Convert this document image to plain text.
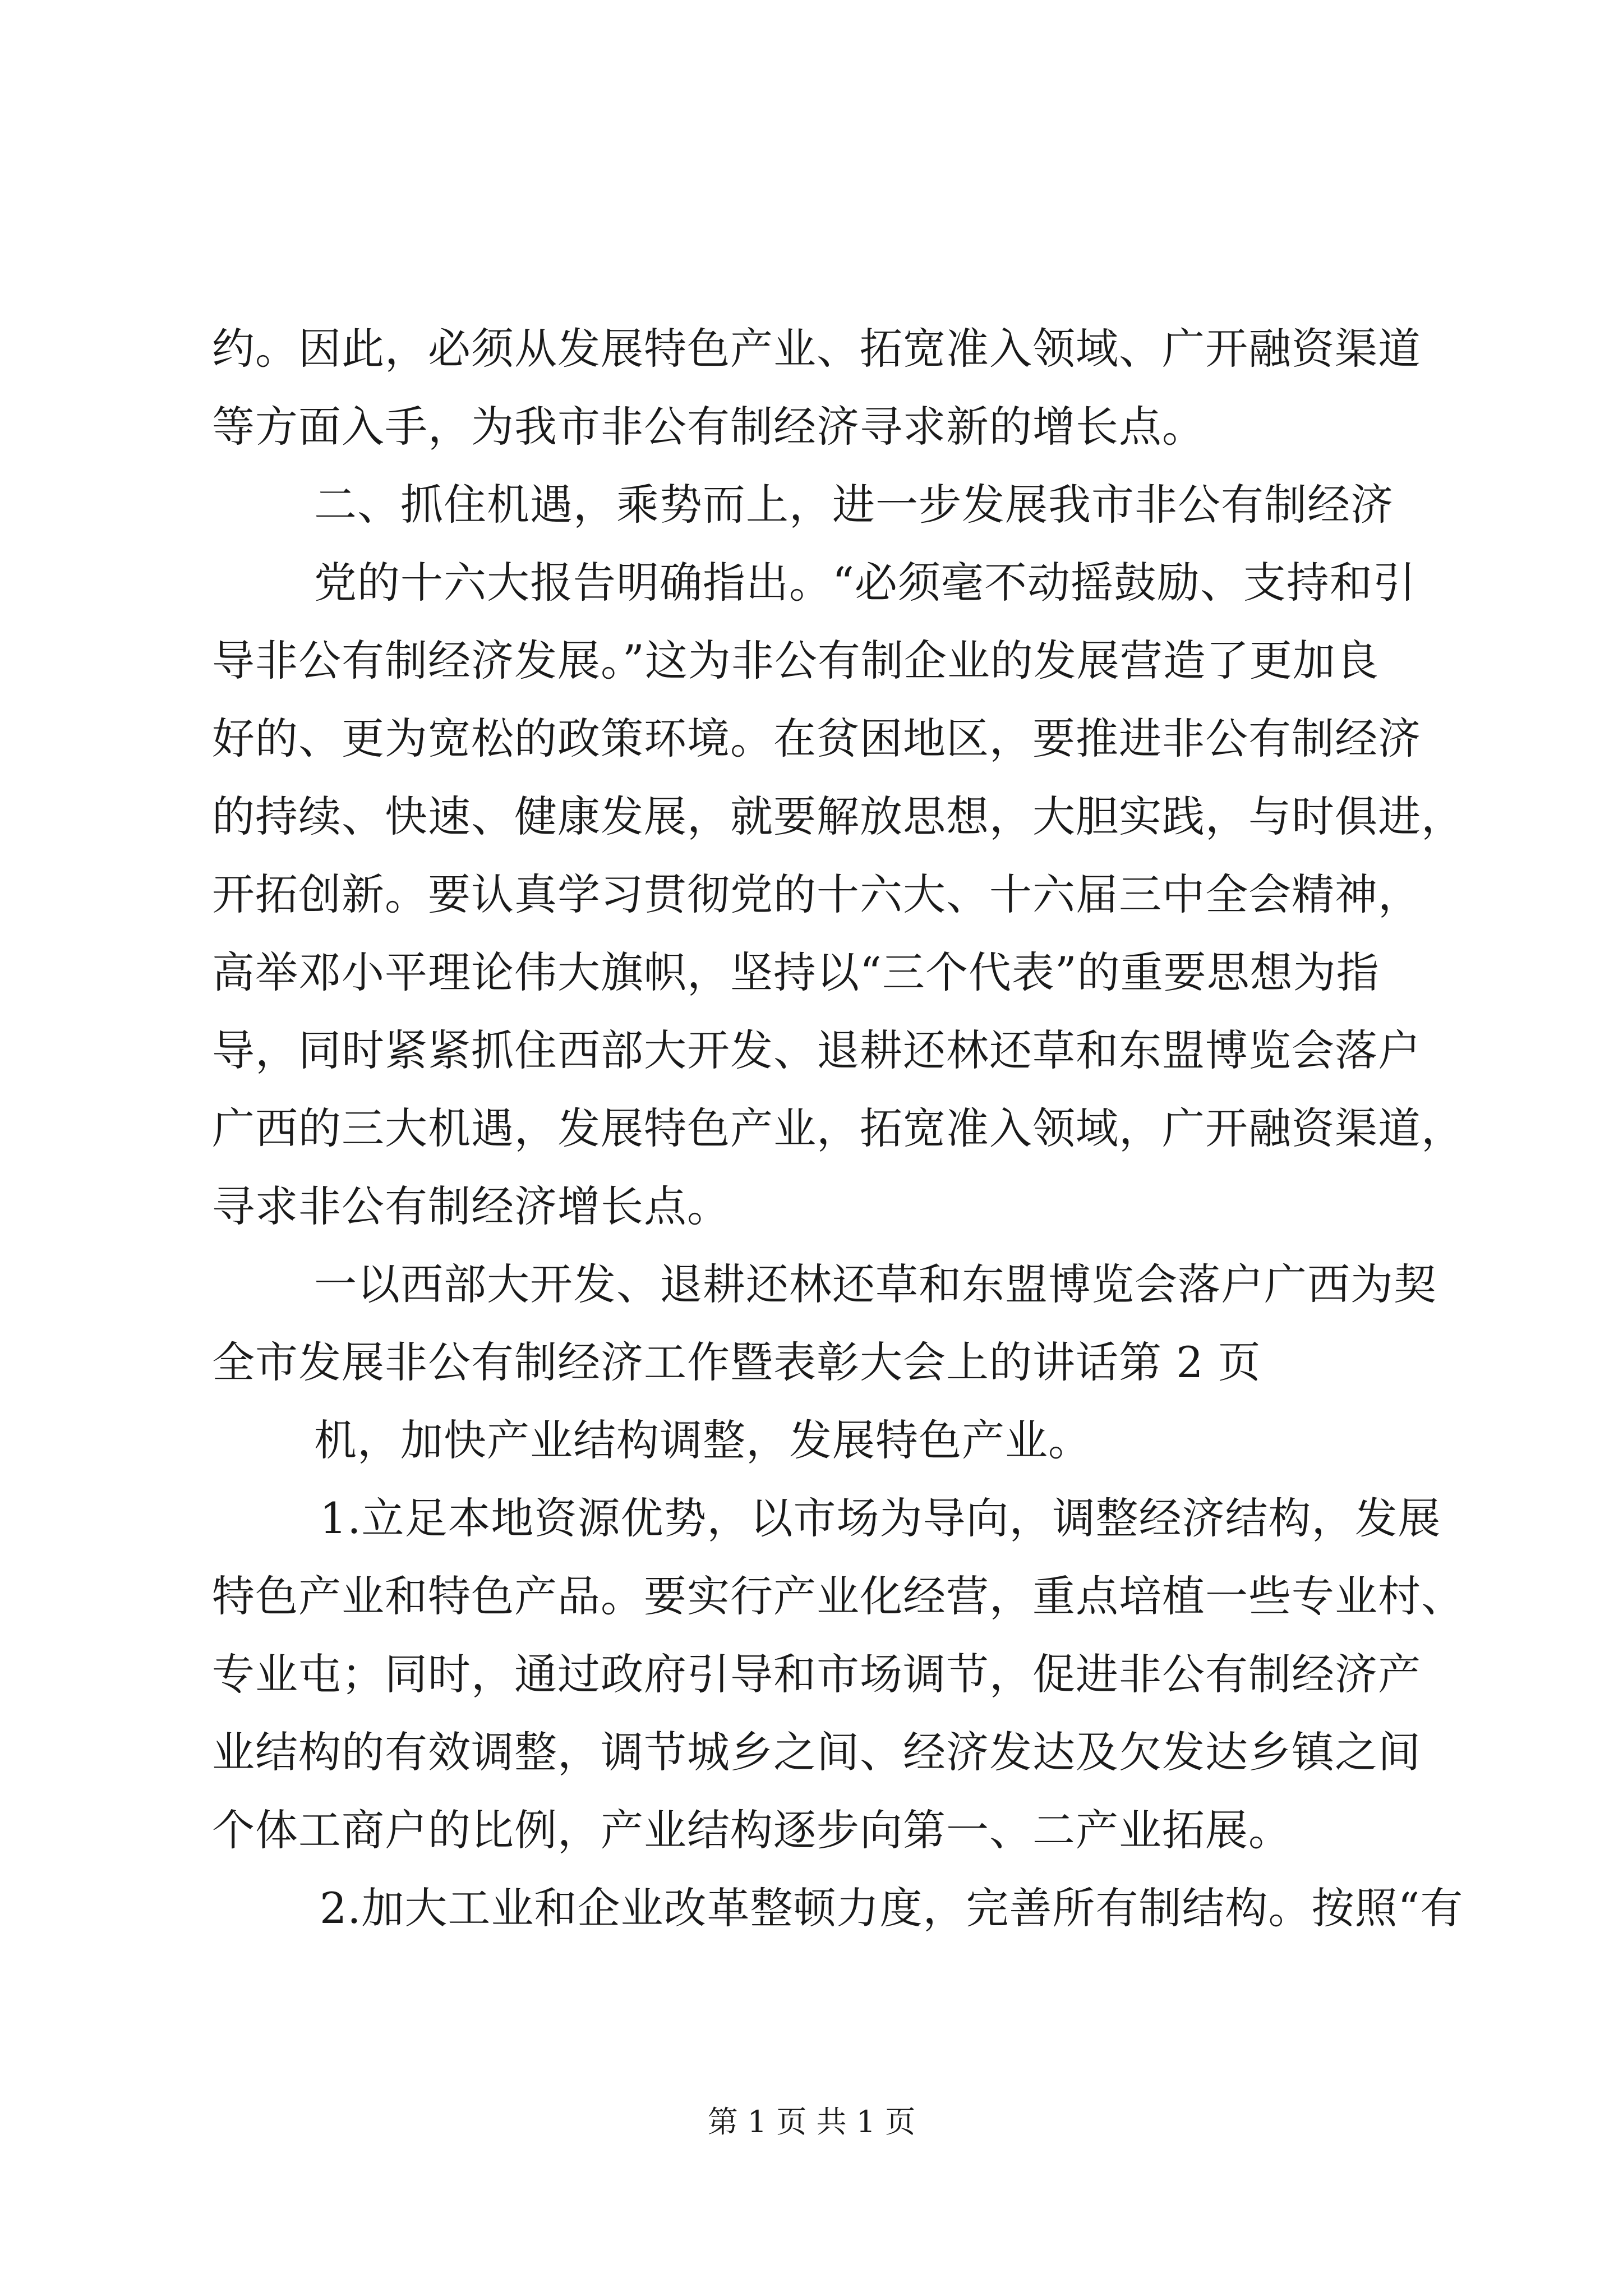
约。因此，必须从发展特色产业、拓宽准入领域、广开融资渠道
等方面入手，为我市非公有制经济寻求新的增长点。
二、抓住机遇，乘势而上，进一步发展我市非公有制经济
党的十六大报告明确指出。“必须毫不动摇鼓励、支持和引
导非公有制经济发展。”这为非公有制企业的发展营造了更加良
好的、更为宽松的政策环境。在贫困地区，要推进非公有制经济
的持续、快速、健康发展，就要解放思想，大胆实践，与时俱进，
开拓创新。要认真学习贯彻党的十六大、十六届三中全会精神，
高举邓小平理论伟大旗帜，坚持以“三个代表”的重要思想为指
导，同时紧紧抓住西部大开发、退耕还林还草和东盟博览会落户
广西的三大机遇，发展特色产业，拓宽准入领域，广开融资渠道，
寻求非公有制经济增长点。
一以西部大开发、退耕还林还草和东盟博览会落户广西为契
全市发展非公有制经济工作暨表彰大会上的讲话第 2 页
机，加快产业结构调整，发展特色产业。
1.立足本地资源优势，以市场为导向，调整经济结构，发展
特色产业和特色产品。要实行产业化经营，重点培植一些专业村、
专业屯；同时，通过政府引导和市场调节，促进非公有制经济产
业结构的有效调整，调节城乡之间、经济发达及欠发达乡镇之间
个体工商户的比例，产业结构逐步向第一、二产业拓展。
2.加大工业和企业改革整顿力度，完善所有制结构。按照“有
第 1 页 共 1 页
